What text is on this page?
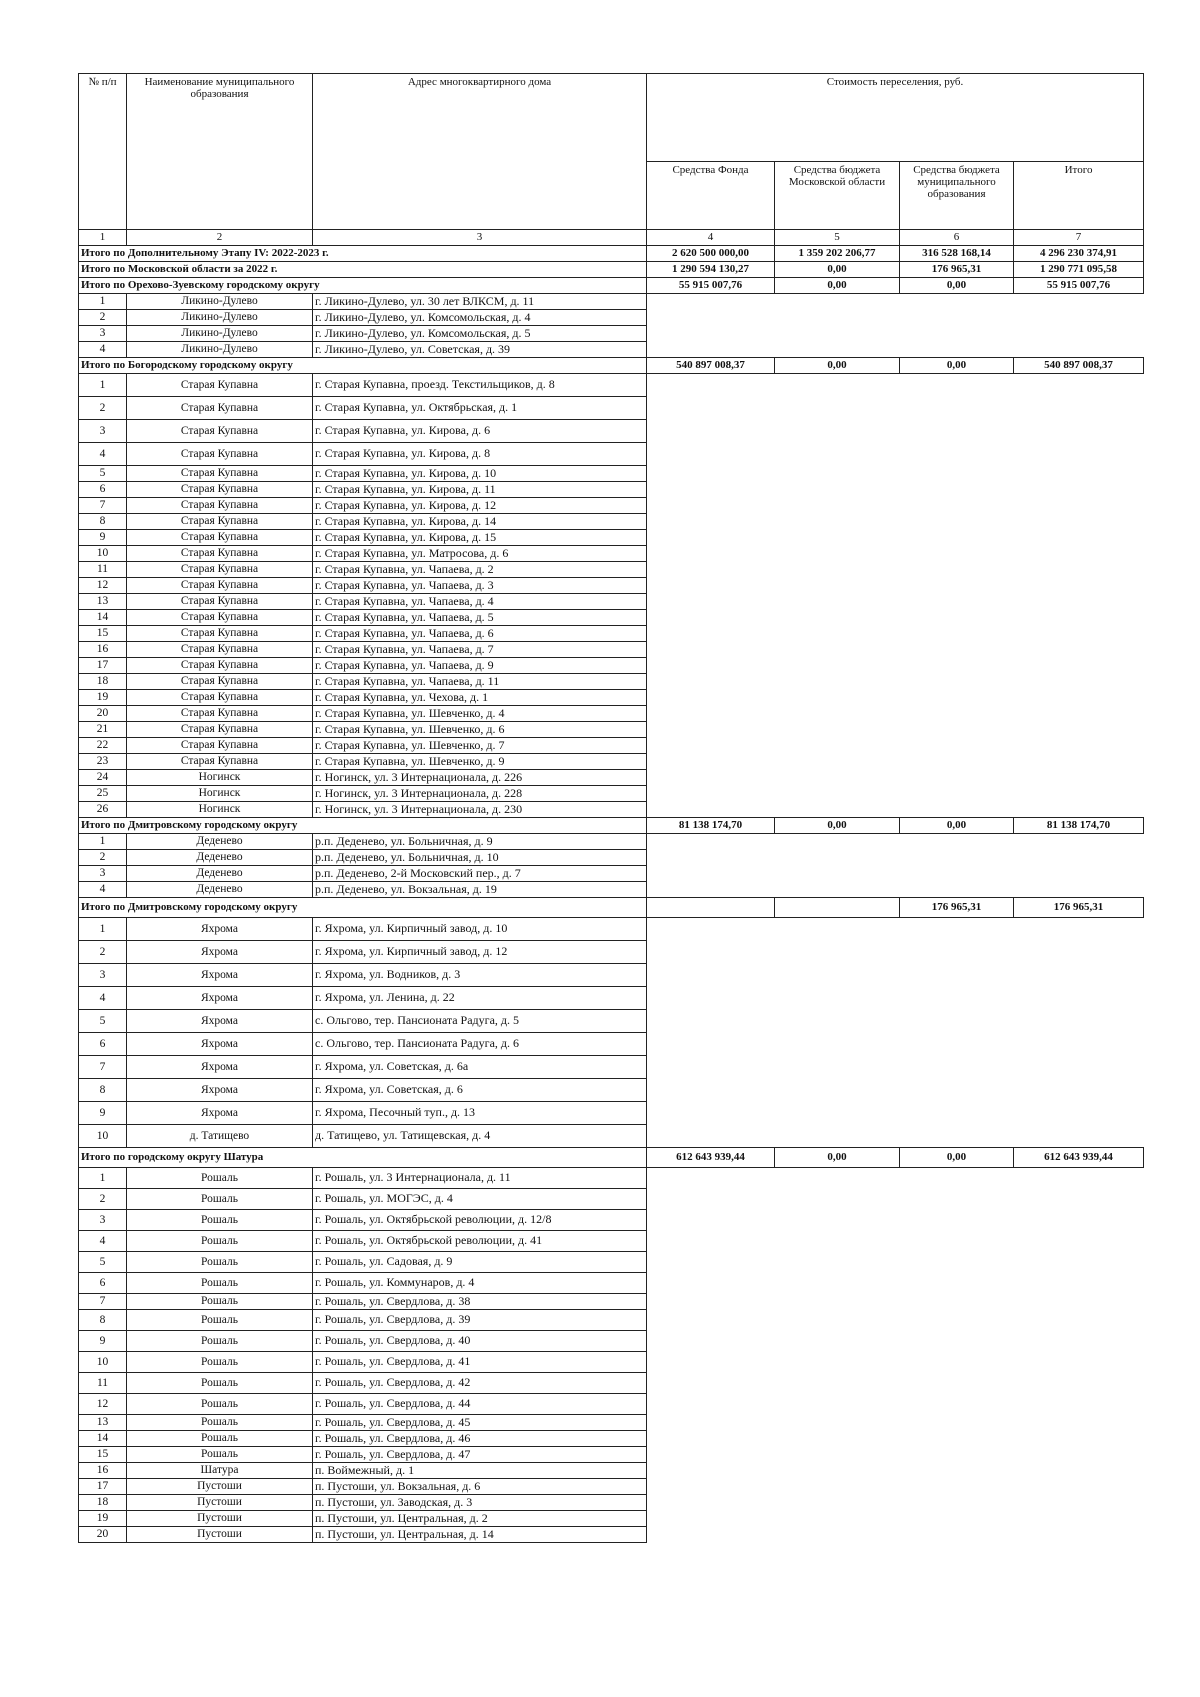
№ п/п	Наименование муниципального образования	Адрес многоквартирного дома	Стоимость переселения, руб.			
			Средства Фонда	Средства бюджета Московской области	Средства бюджета муниципального образования	Итого
1	2	3	4	5	6	7
Итого по Дополнительному Этапу IV: 2022-2023 г.			2 620 500 000,00	1 359 202 206,77	316 528 168,14	4 296 230 374,91
Итого по Московской области за 2022 г.			1 290 594 130,27	0,00	176 965,31	1 290 771 095,58
Итого по Орехово-Зуевскому городскому округу			55 915 007,76	0,00	0,00	55 915 007,76
1	Ликино-Дулево	г. Ликино-Дулево, ул. 30 лет ВЛКСМ, д. 11				
2	Ликино-Дулево	г. Ликино-Дулево, ул. Комсомольская, д. 4				
3	Ликино-Дулево	г. Ликино-Дулево, ул. Комсомольская, д. 5				
4	Ликино-Дулево	г. Ликино-Дулево, ул. Советская, д. 39				
Итого по Богородскому городскому округу			540 897 008,37	0,00	0,00	540 897 008,37
1	Старая Купавна	г. Старая Купавна, проезд. Текстильщиков, д. 8				
2	Старая Купавна	г. Старая Купавна, ул. Октябрьская, д. 1				
3	Старая Купавна	г. Старая Купавна, ул. Кирова, д. 6				
4	Старая Купавна	г. Старая Купавна, ул. Кирова, д. 8				
5	Старая Купавна	г. Старая Купавна, ул. Кирова, д. 10				
6	Старая Купавна	г. Старая Купавна, ул. Кирова, д. 11				
7	Старая Купавна	г. Старая Купавна, ул. Кирова, д. 12				
8	Старая Купавна	г. Старая Купавна, ул. Кирова, д. 14				
9	Старая Купавна	г. Старая Купавна, ул. Кирова, д. 15				
10	Старая Купавна	г. Старая Купавна, ул. Матросова, д. 6				
11	Старая Купавна	г. Старая Купавна, ул. Чапаева, д. 2				
12	Старая Купавна	г. Старая Купавна, ул. Чапаева, д. 3				
13	Старая Купавна	г. Старая Купавна, ул. Чапаева, д. 4				
14	Старая Купавна	г. Старая Купавна, ул. Чапаева, д. 5				
15	Старая Купавна	г. Старая Купавна, ул. Чапаева, д. 6				
16	Старая Купавна	г. Старая Купавна, ул. Чапаева, д. 7				
17	Старая Купавна	г. Старая Купавна, ул. Чапаева, д. 9				
18	Старая Купавна	г. Старая Купавна, ул. Чапаева, д. 11				
19	Старая Купавна	г. Старая Купавна, ул. Чехова, д. 1				
20	Старая Купавна	г. Старая Купавна, ул. Шевченко, д. 4				
21	Старая Купавна	г. Старая Купавна, ул. Шевченко, д. 6				
22	Старая Купавна	г. Старая Купавна, ул. Шевченко, д. 7				
23	Старая Купавна	г. Старая Купавна, ул. Шевченко, д. 9				
24	Ногинск	г. Ногинск, ул. 3 Интернационала, д. 226				
25	Ногинск	г. Ногинск, ул. 3 Интернационала, д. 228				
26	Ногинск	г. Ногинск, ул. 3 Интернационала, д. 230				
Итого по Дмитровскому городскому округу			81 138 174,70	0,00	0,00	81 138 174,70
1	Деденево	р.п. Деденево, ул. Больничная, д. 9				
2	Деденево	р.п. Деденево, ул. Больничная, д. 10				
3	Деденево	р.п. Деденево, 2-й Московский пер., д. 7				
4	Деденево	р.п. Деденево, ул. Вокзальная, д. 19				
Итого по Дмитровскому городскому округу					176 965,31	176 965,31
1	Яхрома	г. Яхрома, ул. Кирпичный завод, д. 10				
2	Яхрома	г. Яхрома, ул. Кирпичный завод, д. 12				
3	Яхрома	г. Яхрома, ул. Водников, д. 3				
4	Яхрома	г. Яхрома, ул. Ленина, д. 22				
5	Яхрома	с. Ольгово, тер. Пансионата Радуга, д. 5				
6	Яхрома	с. Ольгово, тер. Пансионата Радуга, д. 6				
7	Яхрома	г. Яхрома, ул. Советская, д. 6а				
8	Яхрома	г. Яхрома, ул. Советская, д. 6				
9	Яхрома	г. Яхрома, Песочный туп., д. 13				
10	д. Татищево	д. Татищево, ул. Татищевская, д. 4				
Итого по городскому округу Шатура			612 643 939,44	0,00	0,00	612 643 939,44
1	Рошаль	г. Рошаль, ул. 3 Интернационала, д. 11				
2	Рошаль	г. Рошаль, ул. МОГЭС, д. 4				
3	Рошаль	г. Рошаль, ул. Октябрьской революции, д. 12/8				
4	Рошаль	г. Рошаль, ул. Октябрьской революции, д. 41				
5	Рошаль	г. Рошаль, ул. Садовая, д. 9				
6	Рошаль	г. Рошаль, ул. Коммунаров, д. 4				
7	Рошаль	г. Рошаль, ул. Свердлова, д. 38				
8	Рошаль	г. Рошаль, ул. Свердлова, д. 39				
9	Рошаль	г. Рошаль, ул. Свердлова, д. 40				
10	Рошаль	г. Рошаль, ул. Свердлова, д. 41				
11	Рошаль	г. Рошаль, ул. Свердлова, д. 42				
12	Рошаль	г. Рошаль, ул. Свердлова, д. 44				
13	Рошаль	г. Рошаль, ул. Свердлова, д. 45				
14	Рошаль	г. Рошаль, ул. Свердлова, д. 46				
15	Рошаль	г. Рошаль, ул. Свердлова, д. 47				
16	Шатура	п. Воймежный, д. 1				
17	Пустоши	п. Пустоши, ул. Вокзальная, д. 6				
18	Пустоши	п. Пустоши, ул. Заводская, д. 3				
19	Пустоши	п. Пустоши, ул. Центральная, д. 2				
20	Пустоши	п. Пустоши, ул. Центральная, д. 14				
